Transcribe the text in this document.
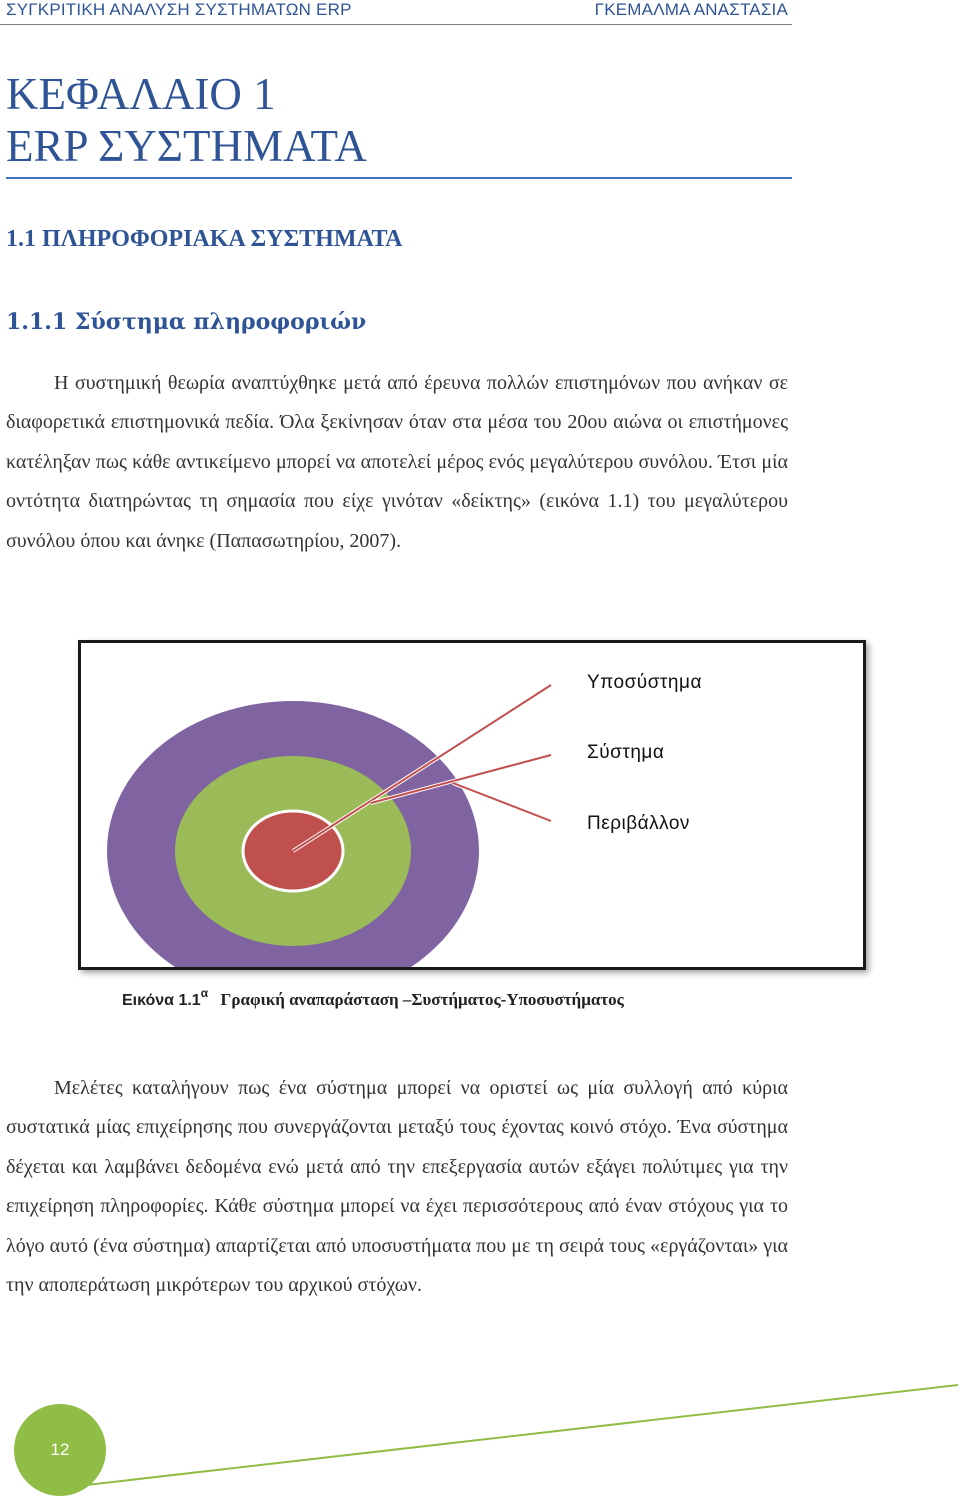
ΣΥΓΚΡΙΤΙΚΗ ΑΝΑΛΥΣΗ ΣΥΣΤΗΜΑΤΩΝ ERP	ΓΚΕΜΑΛΜΑ ΑΝΑΣΤΑΣΙΑ
ΚΕΦΑΛΑΙΟ 1
ERP ΣΥΣΤΗΜΑΤΑ
1.1 ΠΛΗΡΟΦΟΡΙΑΚΑ ΣΥΣΤΗΜΑΤΑ
1.1.1 Σύστημα πληροφοριών

Η συστημική θεωρία αναπτύχθηκε μετά από έρευνα πολλών επιστημόνων που ανήκαν σε διαφορετικά επιστημονικά πεδία. Όλα ξεκίνησαν όταν στα μέσα του 20ου αιώνα οι επιστήμονες κατέληξαν πως κάθε αντικείμενο μπορεί να αποτελεί μέρος ενός μεγαλύτερου συνόλου. Έτσι μία οντότητα διατηρώντας τη σημασία που είχε γινόταν «δείκτης» (εικόνα 1.1) του μεγαλύτερου συνόλου όπου και άνηκε (Παπασωτηρίου, 2007).

Υποσύστημα
Σύστημα
Περιβάλλον
Εικόνα $1.1^\alpha$ Γραφική αναπαράσταση –Συστήματος-Υποσυστήματος

Μελέτες καταλήγουν πως ένα σύστημα μπορεί να οριστεί ως μία συλλογή από κύρια συστατικά μίας επιχείρησης που συνεργάζονται μεταξύ τους έχοντας κοινό στόχο. Ένα σύστημα δέχεται και λαμβάνει δεδομένα ενώ μετά από την επεξεργασία αυτών εξάγει πολύτιμες για την επιχείρηση πληροφορίες. Κάθε σύστημα μπορεί να έχει περισσότερους από έναν στόχους για το λόγο αυτό (ένα σύστημα) απαρτίζεται από υποσυστήματα που με τη σειρά τους «εργάζονται» για την αποπεράτωση μικρότερων του αρχικού στόχων.

12
